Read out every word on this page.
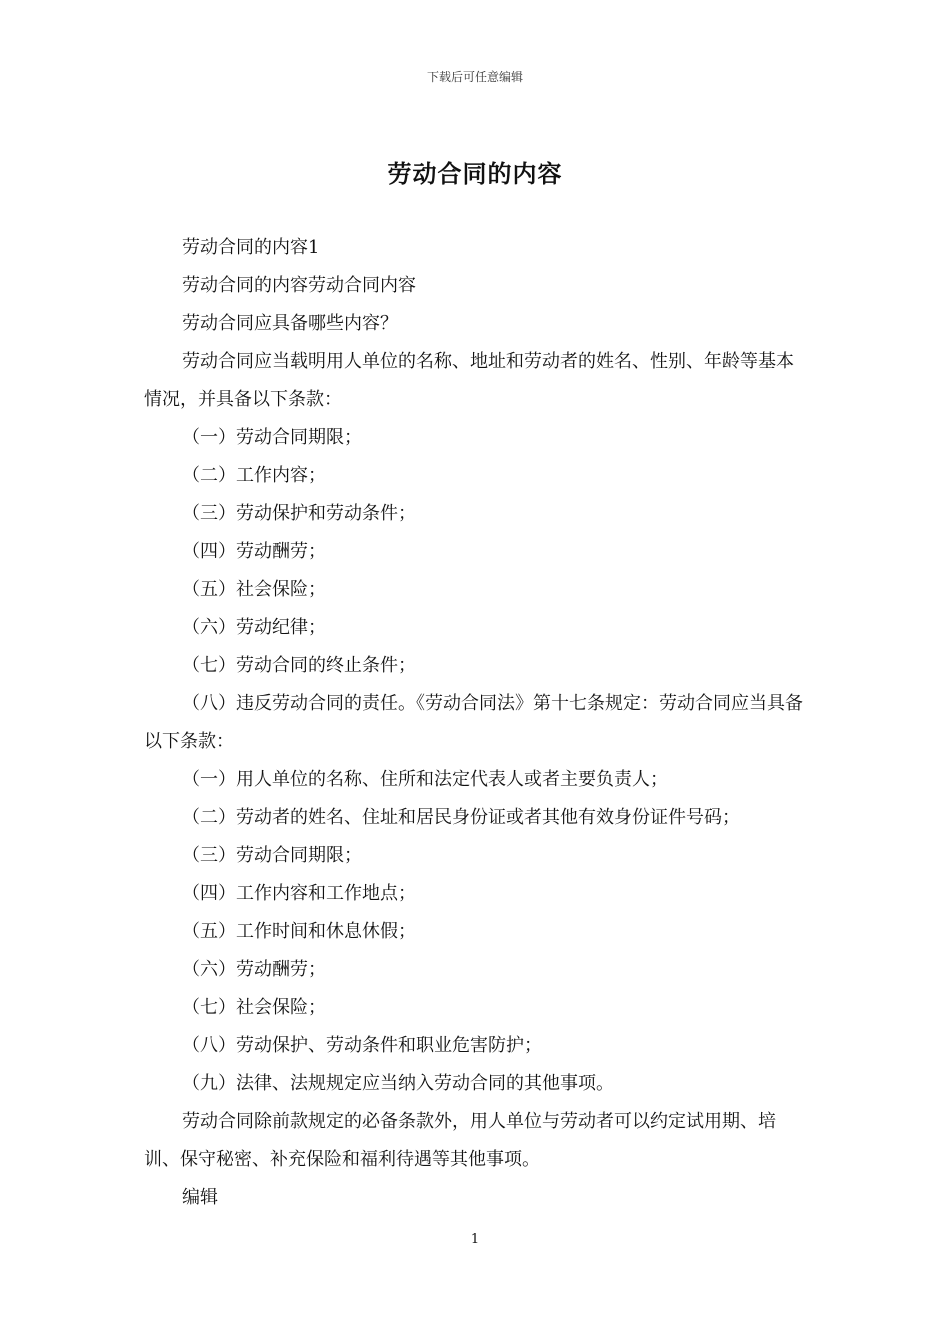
下载后可任意编辑
劳动合同的内容

劳动合同的内容1

劳动合同的内容劳动合同内容

劳动合同应具备哪些内容？

劳动合同应当载明用人单位的名称、地址和劳动者的姓名、性别、年龄等基本情况，并具备以下条款：

（一）劳动合同期限；

（二）工作内容；

（三）劳动保护和劳动条件；

（四）劳动酬劳；

（五）社会保险；

（六）劳动纪律；

（七）劳动合同的终止条件；

（八）违反劳动合同的责任。《劳动合同法》第十七条规定：劳动合同应当具备以下条款：

（一）用人单位的名称、住所和法定代表人或者主要负责人；

（二）劳动者的姓名、住址和居民身份证或者其他有效身份证件号码；

（三）劳动合同期限；

（四）工作内容和工作地点；

（五）工作时间和休息休假；

（六）劳动酬劳；

（七）社会保险；

（八）劳动保护、劳动条件和职业危害防护；

（九）法律、法规规定应当纳入劳动合同的其他事项。

劳动合同除前款规定的必备条款外，用人单位与劳动者可以约定试用期、培训、保守秘密、补充保险和福利待遇等其他事项。

编辑

1
